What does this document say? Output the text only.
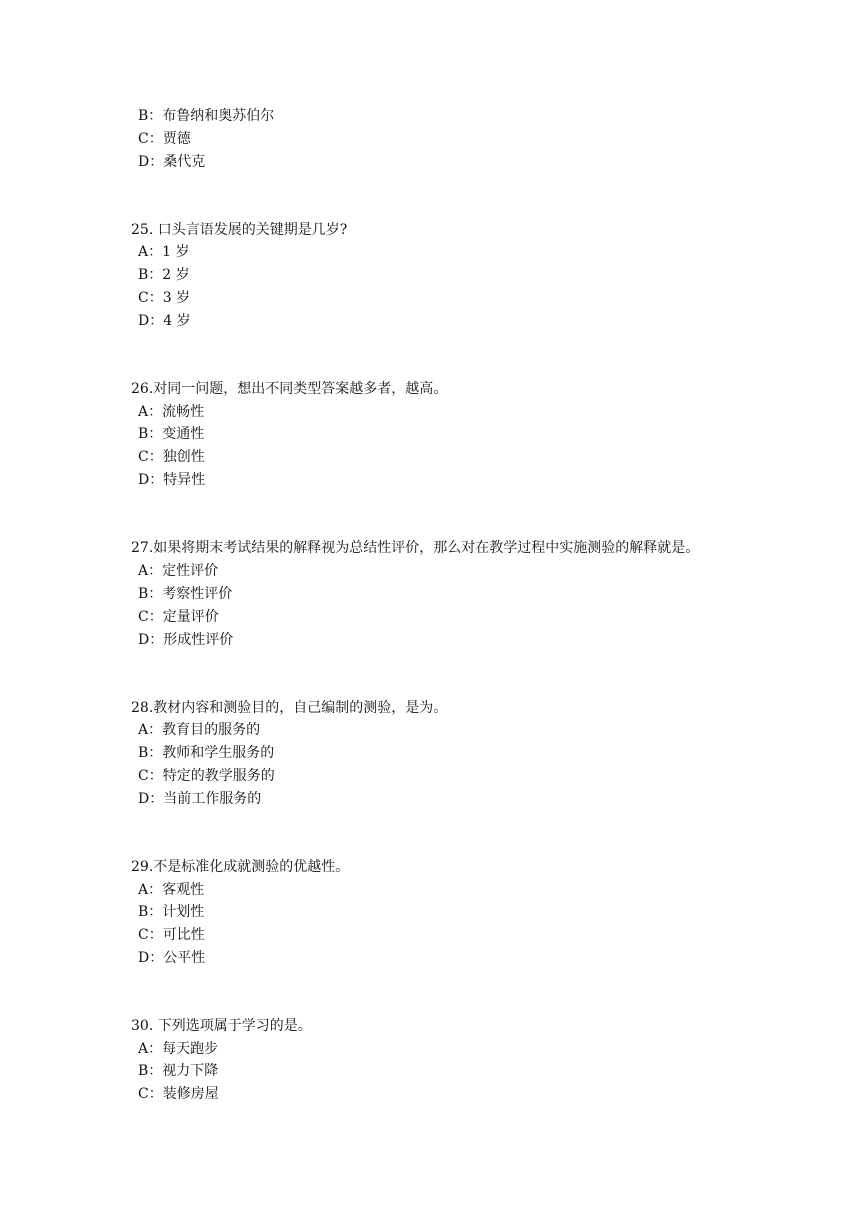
B：布鲁纳和奥苏伯尔
C：贾德
D：桑代克
25. 口头言语发展的关键期是几岁?
A：1 岁
B：2 岁
C：3 岁
D：4 岁
26.对同一问题，想出不同类型答案越多者，越高。
A：流畅性
B：变通性
C：独创性
D：特异性
27.如果将期末考试结果的解释视为总结性评价，那么对在教学过程中实施测验的解释就是。
A：定性评价
B：考察性评价
C：定量评价
D：形成性评价
28.教材内容和测验目的，自己编制的测验，是为。
A：教育目的服务的
B：教师和学生服务的
C：特定的教学服务的
D：当前工作服务的
29.不是标准化成就测验的优越性。
A：客观性
B：计划性
C：可比性
D：公平性
30. 下列选项属于学习的是。
A：每天跑步
B：视力下降
C：装修房屋
